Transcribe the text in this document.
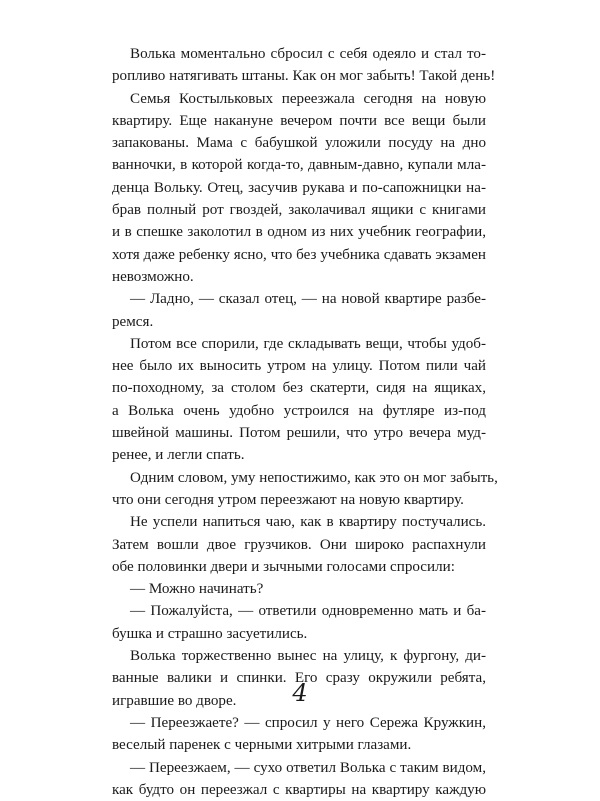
Волька моментально сбросил с себя одеяло и стал то-
ропливо натягивать штаны. Как он мог забыть! Такой день!
Семья Костыльковых переезжала сегодня на новую
квартиру. Еще накануне вечером почти все вещи были
запакованы. Мама с бабушкой уложили посуду на дно
ванночки, в которой когда-то, давным-давно, купали мла-
денца Вольку. Отец, засучив рукава и по-сапожницки на-
брав полный рот гвоздей, заколачивал ящики с книгами
и в спешке заколотил в одном из них учебник географии,
хотя даже ребенку ясно, что без учебника сдавать экзамен
невозможно.
— Ладно, — сказал отец, — на новой квартире разбе-
ремся.
Потом все спорили, где складывать вещи, чтобы удоб-
нее было их выносить утром на улицу. Потом пили чай
по-походному, за столом без скатерти, сидя на ящиках,
а Волька очень удобно устроился на футляре из-под
швейной машины. Потом решили, что утро вечера муд-
ренее, и легли спать.
Одним словом, уму непостижимо, как это он мог забыть,
что они сегодня утром переезжают на новую квартиру.
Не успели напиться чаю, как в квартиру постучались.
Затем вошли двое грузчиков. Они широко распахнули
обе половинки двери и зычными голосами спросили:
— Можно начинать?
— Пожалуйста, — ответили одновременно мать и ба-
бушка и страшно засуетились.
Волька торжественно вынес на улицу, к фургону, ди-
ванные валики и спинки. Его сразу окружили ребята,
игравшие во дворе.
— Переезжаете? — спросил у него Сережа Кружкин,
веселый паренек с черными хитрыми глазами.
— Переезжаем, — сухо ответил Волька с таким видом,
как будто он переезжал с квартиры на квартиру каждую
4
